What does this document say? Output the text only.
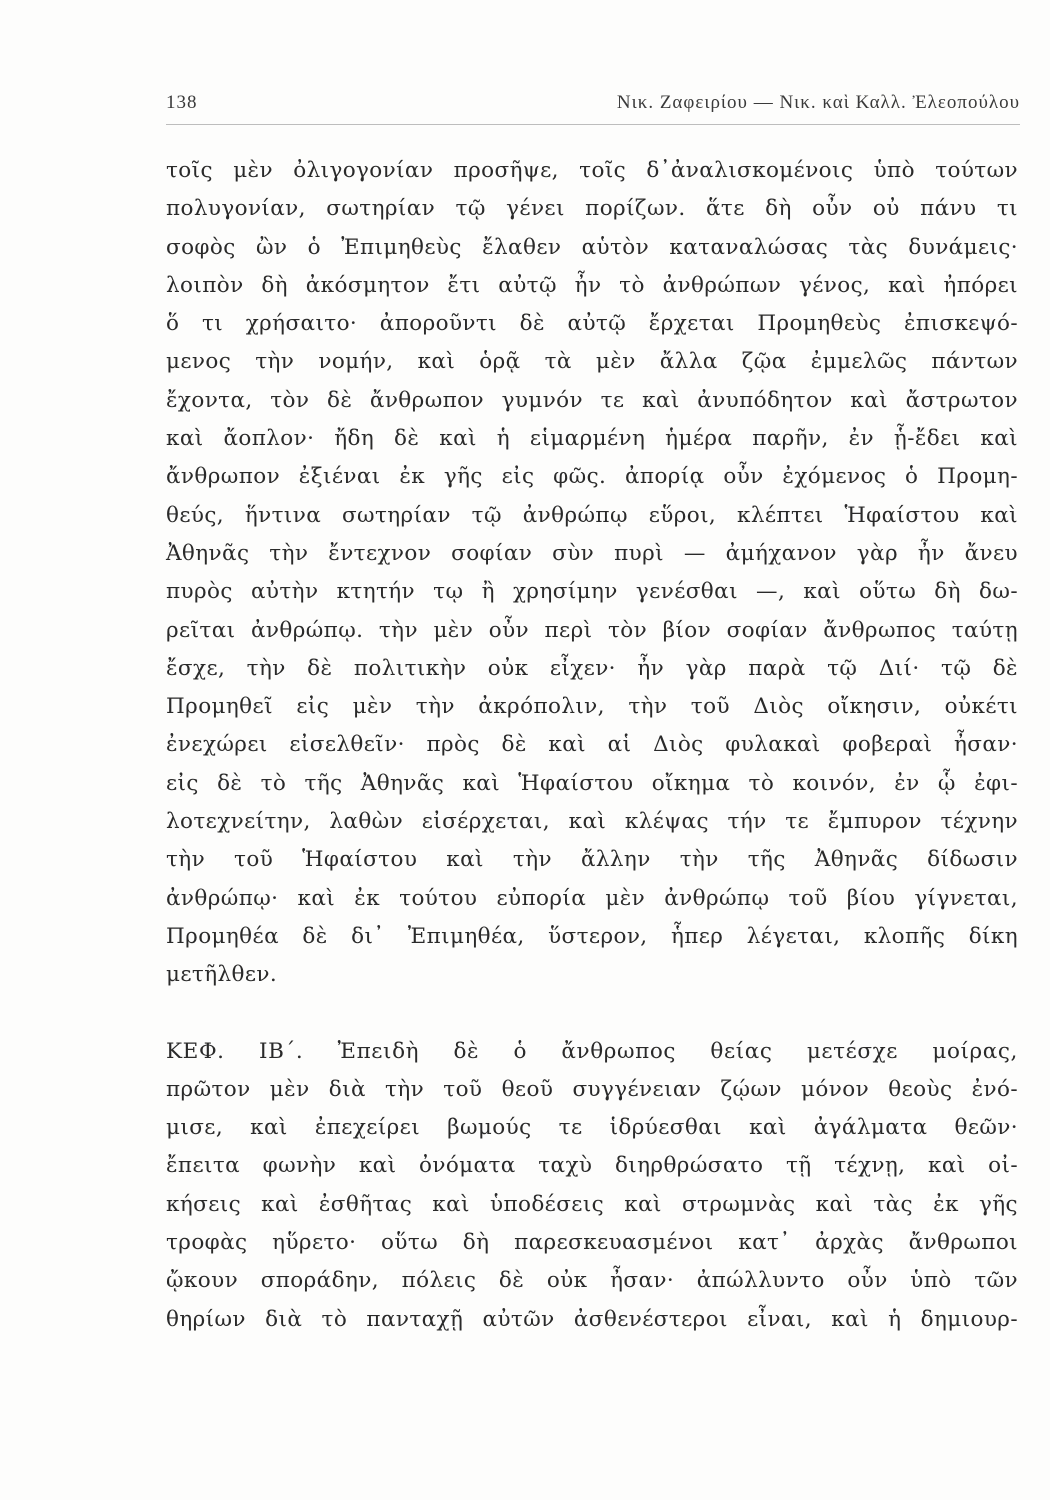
138	Νικ. Ζαφειρίου — Νικ. καὶ Καλλ. Ἐλεοπούλου
τοῖς μὲν ὀλιγογονίαν προσῆψε, τοῖς δ᾽ἀναλισκομένοις ὑπὸ τούτων
πολυγονίαν, σωτηρίαν τῷ γένει πορίζων. ἅτε δὴ οὖν οὐ πάνυ τι
σοφὸς ὢν ὁ Ἐπιμηθεὺς ἔλαθεν αὑτὸν καταναλώσας τὰς δυνάμεις·
λοιπὸν δὴ ἀκόσμητον ἔτι αὐτῷ ἦν τὸ ἀνθρώπων γένος, καὶ ἠπόρει
ὅ τι χρήσαιτο· ἀποροῦντι δὲ αὐτῷ ἔρχεται Προμηθεὺς ἐπισκεψό-
μενος τὴν νομήν, καὶ ὁρᾷ τὰ μὲν ἄλλα ζῷα ἐμμελῶς πάντων
ἔχοντα, τὸν δὲ ἄνθρωπον γυμνόν τε καὶ ἀνυπόδητον καὶ ἄστρωτον
καὶ ἄοπλον· ἤδη δὲ καὶ ἡ εἱμαρμένη ἡμέρα παρῆν, ἐν ᾗ-ἔδει καὶ
ἄνθρωπον ἐξιέναι ἐκ γῆς εἰς φῶς. ἀπορίᾳ οὖν ἐχόμενος ὁ Προμη-
θεύς, ἥντινα σωτηρίαν τῷ ἀνθρώπῳ εὕροι, κλέπτει Ἡφαίστου καὶ
Ἀθηνᾶς τὴν ἔντεχνον σοφίαν σὺν πυρὶ — ἀμήχανον γὰρ ἦν ἄνευ
πυρὸς αὐτὴν κτητήν τῳ ἢ χρησίμην γενέσθαι —, καὶ οὕτω δὴ δω-
ρεῖται ἀνθρώπῳ. τὴν μὲν οὖν περὶ τὸν βίον σοφίαν ἄνθρωπος ταύτῃ
ἔσχε, τὴν δὲ πολιτικὴν οὐκ εἶχεν· ἦν γὰρ παρὰ τῷ Διί· τῷ δὲ
Προμηθεῖ εἰς μὲν τὴν ἀκρόπολιν, τὴν τοῦ Διὸς οἴκησιν, οὐκέτι
ἐνεχώρει εἰσελθεῖν· πρὸς δὲ καὶ αἱ Διὸς φυλακαὶ φοβεραὶ ἦσαν·
εἰς δὲ τὸ τῆς Ἀθηνᾶς καὶ Ἡφαίστου οἴκημα τὸ κοινόν, ἐν ᾧ ἐφι-
λοτεχνείτην, λαθὼν εἰσέρχεται, καὶ κλέψας τήν τε ἔμπυρον τέχνην
τὴν τοῦ Ἡφαίστου καὶ τὴν ἄλλην τὴν τῆς Ἀθηνᾶς δίδωσιν
ἀνθρώπῳ· καὶ ἐκ τούτου εὐπορία μὲν ἀνθρώπῳ τοῦ βίου γίγνεται,
Προμηθέα δὲ δι᾽ Ἐπιμηθέα, ὕστερον, ἧπερ λέγεται, κλοπῆς δίκη
μετῆλθεν.
ΚΕΦ. ΙΒ΄. Ἐπειδὴ δὲ ὁ ἄνθρωπος θείας μετέσχε μοίρας,
πρῶτον μὲν διὰ τὴν τοῦ θεοῦ συγγένειαν ζῴων μόνον θεοὺς ἐνό-
μισε, καὶ ἐπεχείρει βωμούς τε ἱδρύεσθαι καὶ ἀγάλματα θεῶν·
ἔπειτα φωνὴν καὶ ὀνόματα ταχὺ διηρθρώσατο τῇ τέχνῃ, καὶ οἰ-
κήσεις καὶ ἐσθῆτας καὶ ὑποδέσεις καὶ στρωμνὰς καὶ τὰς ἐκ γῆς
τροφὰς ηὕρετο· οὕτω δὴ παρεσκευασμένοι κατ᾽ ἀρχὰς ἄνθρωποι
ᾤκουν σποράδην, πόλεις δὲ οὐκ ἦσαν· ἀπώλλυντο οὖν ὑπὸ τῶν
θηρίων διὰ τὸ πανταχῇ αὐτῶν ἀσθενέστεροι εἶναι, καὶ ἡ δημιουρ-
